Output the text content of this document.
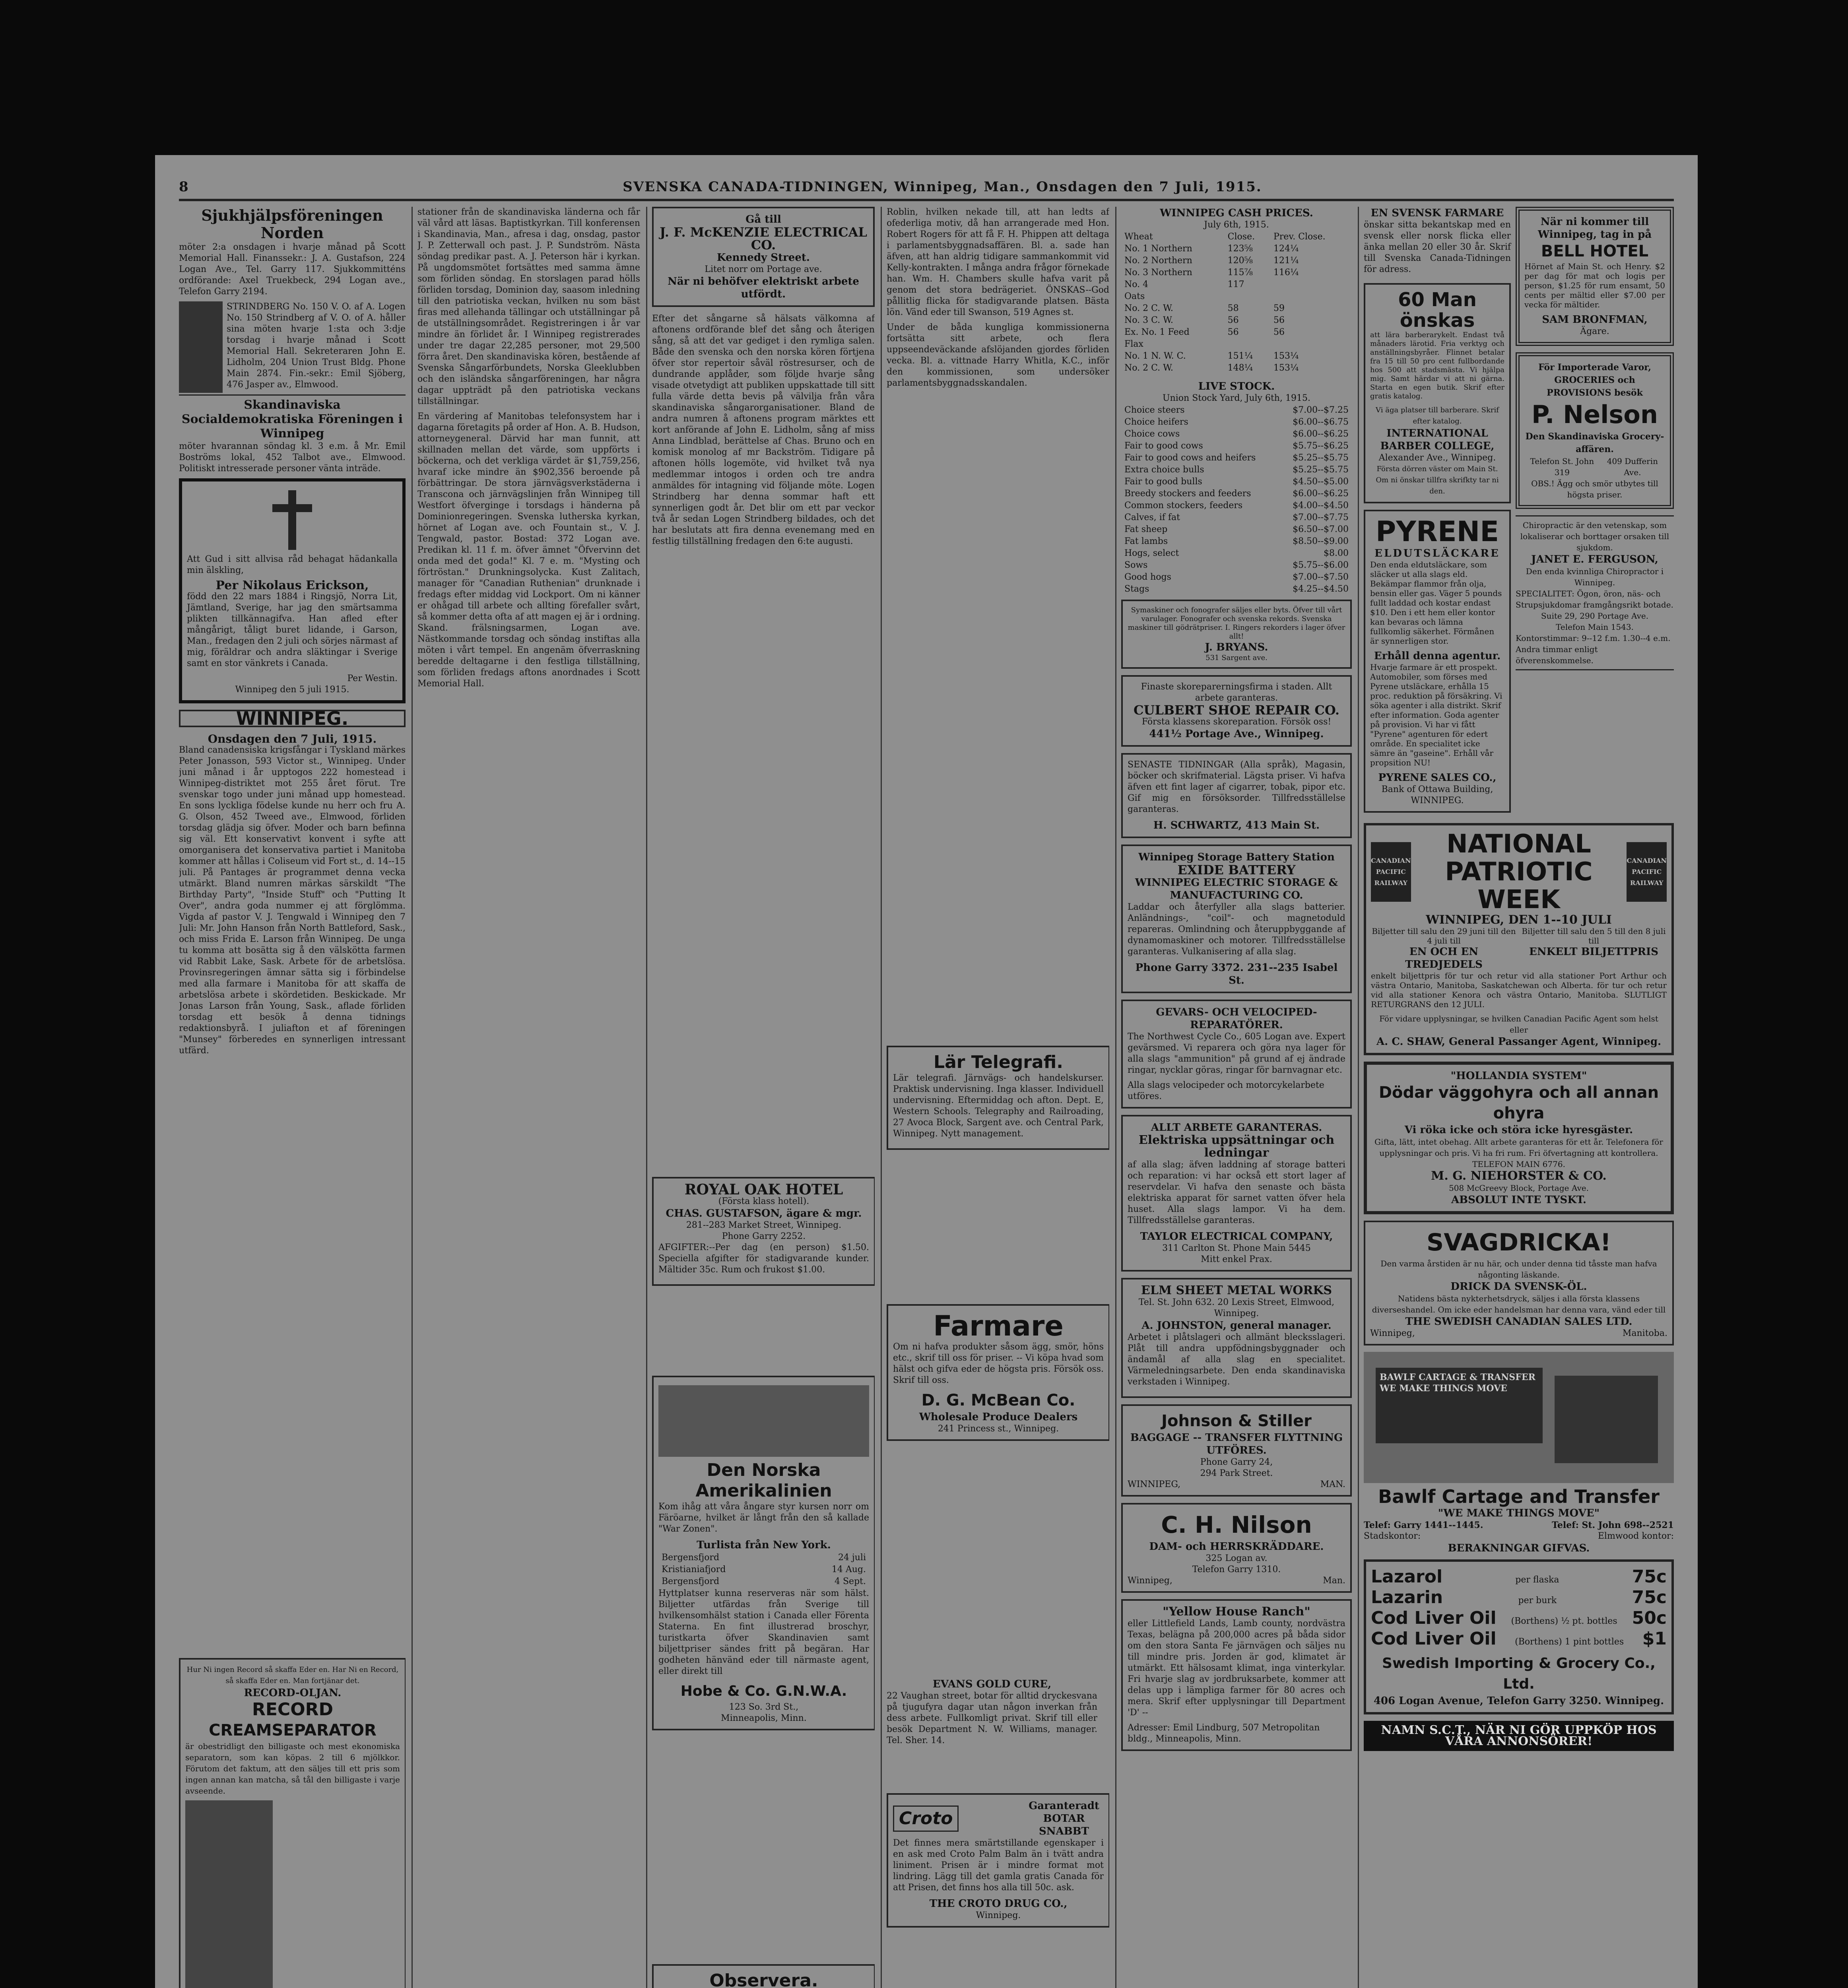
8	SVENSKA CANADA-TIDNINGEN, Winnipeg, Man., Onsdagen den 7 Juli, 1915.
Sjukhjälpsföreningen Norden

möter 2:a onsdagen i hvarje månad på Scott Memorial Hall. Finanssekr.: J. A. Gustafson, 224 Logan Ave., Tel. Garry 117. Sjukkommitténs ordförande: Axel Truekbeck, 294 Logan ave., Telefon Garry 2194.

STRINDBERG No. 150 V. O. af A. Logen No. 150 Strindberg af V. O. of A. håller sina möten hvarje 1:sta och 3:dje torsdag i hvarje månad i Scott Memorial Hall. Sekreteraren John E. Lidholm, 204 Union Trust Bldg. Phone Main 2874. Fin.-sekr.: Emil Sjöberg, 476 Jasper av., Elmwood.

Skandinaviska Socialdemokratiska Föreningen i Winnipeg

möter hvarannan söndag kl. 3 e.m. å Mr. Emil Boströms lokal, 452 Talbot ave., Elmwood. Politiskt intresserade personer vänta inträde.

Att Gud i sitt allvisa råd behagat hädankalla min älskling,

Per Nikolaus Erickson,

född den 22 mars 1884 i Ringsjö, Norra Lit, Jämtland, Sverige, har jag den smärtsamma plikten tillkännagifva. Han afled efter mångårigt, tåligt buret lidande, i Garson, Man., fredagen den 2 juli och sörjes närmast af mig, föräldrar och andra släktingar i Sverige samt en stor vänkrets i Canada.

Per Westin.
Winnipeg den 5 juli 1915.
WINNIPEG.
Onsdagen den 7 Juli, 1915.

Bland canadensiska krigsfångar i Tyskland märkes Peter Jonasson, 593 Victor st., Winnipeg. Under juni månad i år upptogos 222 homestead i Winnipeg-distriktet mot 255 året förut. Tre svenskar togo under juni månad upp homestead. En sons lyckliga födelse kunde nu herr och fru A. G. Olson, 452 Tweed ave., Elmwood, förliden torsdag glädja sig öfver. Moder och barn befinna sig väl. Ett konservativt konvent i syfte att omorganisera det konservativa partiet i Manitoba kommer att hållas i Coliseum vid Fort st., d. 14--15 juli. På Pantages är programmet denna vecka utmärkt. Bland numren märkas särskildt "The Birthday Party", "Inside Stuff" och "Putting It Over", andra goda nummer ej att förglömma. Vigda af pastor V. J. Tengwald i Winnipeg den 7 Juli: Mr. John Hanson från North Battleford, Sask., och miss Frida E. Larson från Winnipeg. De unga tu komma att bosätta sig å den välskötta farmen vid Rabbit Lake, Sask. Arbete för de arbetslösa. Provinsregeringen ämnar sätta sig i förbindelse med alla farmare i Manitoba för att skaffa de arbetslösa arbete i skördetiden. Beskickade. Mr Jonas Larson från Young, Sask., aflade förliden torsdag ett besök å denna tidnings redaktionsbyrå. I juliafton et af föreningen "Munsey" förberedes en synnerligen intressant utfärd.

Hur Ni ingen Record så skaffa Eder en. Har Ni en Record, så skaffa Eder en. Man fortjänar det.
RECORD-OLJAN.
RECORD
CREAMSEPARATOR

är obestridligt den billigaste och mest ekonomiska separatorn, som kan köpas. 2 till 6 mjölkkor. Förutom det faktum, att den säljes till ett pris som ingen annan kan matcha, så tål den billigaste i varje avseende.

stationer från de skandinaviska länderna och får väl vård att läsas. Baptistkyrkan. Till konferensen i Skandinavia, Man., afresa i dag, onsdag, pastor J. P. Zetterwall och past. J. P. Sundström. Nästa söndag predikar past. A. J. Peterson här i kyrkan. På ungdomsmötet fortsättes med samma ämne som förliden söndag. En storslagen parad hölls förliden torsdag, Dominion day, saasom inledning till den patriotiska veckan, hvilken nu som bäst firas med allehanda tällingar och utställningar på de utställningsområdet. Registreringen i år var mindre än förlidet år. I Winnipeg registrerades under tre dagar 22,285 personer, mot 29,500 förra året. Den skandinaviska kören, bestående af Svenska Sångarförbundets, Norska Gleeklubben och den isländska sångarföreningen, har några dagar uppträdt på den patriotiska veckans tillställningar.

En värdering af Manitobas telefonsystem har i dagarna företagits på order af Hon. A. B. Hudson, attorneygeneral. Därvid har man funnit, att skillnaden mellan det värde, som uppförts i böckerna, och det verkliga värdet är $1,759,256, hvaraf icke mindre än $902,356 beroende på förbättringar. De stora järnvägsverkstäderna i Transcona och järnvägslinjen från Winnipeg till Westfort öfverginge i torsdags i händerna på Dominionregeringen. Svenska lutherska kyrkan, hörnet af Logan ave. och Fountain st., V. J. Tengwald, pastor. Bostad: 372 Logan ave. Predikan kl. 11 f. m. öfver ämnet "Öfvervinn det onda med det goda!" Kl. 7 e. m. "Mysting och förtröstan." Drunkningsolycka. Kust Zalitach, manager för "Canadian Ruthenian" drunknade i fredags efter middag vid Lockport. Om ni känner er ohågad till arbete och allting förefaller svårt, så kommer detta ofta af att magen ej är i ordning. Skand. frälsningsarmen, Logan ave. Nästkommande torsdag och söndag instiftas alla möten i vårt tempel. En angenäm öfverraskning beredde deltagarne i den festliga tillställning, som förliden fredags aftons anordnades i Scott Memorial Hall.

Gå till
J. F. McKENZIE ELECTRICAL CO.
Kennedy Street.
Litet norr om Portage ave.
När ni behöfver elektriskt arbete utfördt.

Efter det sångarne så hälsats välkomna af aftonens ordförande blef det sång och återigen sång, så att det var gediget i den rymliga salen. Både den svenska och den norska kören förtjena öfver stor repertoir såväl röstresurser, och de dundrande applåder, som följde hvarje sång visade otvetydigt att publiken uppskattade till sitt fulla värde detta bevis på välvilja från våra skandinaviska sångarorganisationer. Bland de andra numren å aftonens program märktes ett kort anförande af John E. Lidholm, sång af miss Anna Lindblad, berättelse af Chas. Bruno och en komisk monolog af mr Backström. Tidigare på aftonen hölls logemöte, vid hvilket två nya medlemmar intogos i orden och tre andra anmäldes för intagning vid följande möte. Logen Strindberg har denna sommar haft ett synnerligen godt år. Det blir om ett par veckor två år sedan Logen Strindberg bildades, och det har beslutats att fira denna evenemang med en festlig tillställning fredagen den 6:te augusti.

ROYAL OAK HOTEL
(Första klass hotell).
CHAS. GUSTAFSON, ägare & mgr.
281--283 Market Street, Winnipeg.
Phone Garry 2252.

AFGIFTER:--Per dag (en person) $1.50. Speciella afgifter för stadigvarande kunder. Mältider 35c. Rum och frukost $1.00.

Den Norska Amerikalinien

Kom ihåg att våra ångare styr kursen norr om Färöarne, hvilket är långt från den så kallade "War Zonen".

Turlista från New York.
Bergensfjord	24 juli
Kristianiafjord	14 Aug.
Bergensfjord	4 Sept.

Hyttplatser kunna reserveras när som hälst. Biljetter utfärdas från Sverige till hvilkensomhälst station i Canada eller Förenta Staterna. En fint illustrerad broschyr, turistkarta öfver Skandinavien samt biljettpriser sändes fritt på begäran. Har godheten hänvänd eder till närmaste agent, eller direkt till

Hobe & Co. G.N.W.A.
123 So. 3rd St.,
Minneapolis, Minn.
Observera.

Roblin, hvilken nekade till, att han ledts af ofederliga motiv, då han arrangerade med Hon. Robert Rogers för att få F. H. Phippen att deltaga i parlamentsbyggnadsaffären. Bl. a. sade han äfven, att han aldrig tidigare sammankommit vid Kelly-kontrakten. I många andra frågor förnekade han. Wm. H. Chambers skulle hafva varit på genom det stora bedrägeriet. ÖNSKAS--God pållitlig flicka för stadigvarande platsen. Bästa lön. Vänd eder till Swanson, 519 Agnes st.

Under de båda kungliga kommissionerna fortsätta sitt arbete, och flera uppseendeväckande afslöjanden gjordes förliden vecka. Bl. a. vittnade Harry Whitla, K.C., inför den kommissionen, som undersöker parlamentsbyggnadsskandalen.

Lär Telegrafi.

Lär telegrafi. Järnvägs- och handelskurser. Praktisk undervisning. Inga klasser. Individuell undervisning. Eftermiddag och afton. Dept. E, Western Schools. Telegraphy and Railroading, 27 Avoca Block, Sargent ave. och Central Park, Winnipeg. Nytt management.

Farmare

Om ni hafva produkter såsom ägg, smör, höns etc., skrif till oss för priser. -- Vi köpa hvad som hälst och gifva eder de högsta pris. Försök oss. Skrif till oss.

D. G. McBean Co.
Wholesale Produce Dealers
241 Princess st., Winnipeg.
EVANS GOLD CURE,

22 Vaughan street, botar för alltid dryckesvana på tjugufyra dagar utan någon inverkan från dess arbete. Fullkomligt privat. Skrif till eller besök Department N. W. Williams, manager. Tel. Sher. 14.

Croto
Garanteradt BOTAR SNABBT

Det finnes mera smärtstillande egenskaper i en ask med Croto Palm Balm än i tvätt andra liniment. Prisen är i mindre format mot lindring. Lägg till det gamla gratis Canada för att Prisen, det finns hos alla till 50c. ask.

THE CROTO DRUG CO.,
Winnipeg.

WINNIPEG CASH PRICES.
July 6th, 1915.
Wheat	Close.	Prev. Close.
No. 1 Northern	123⅝	124¼
No. 2 Northern	120⅝	121¼
No. 3 Northern	115⅞	116¼
No. 4	117	
Oats		
No. 2 C. W.	58	59
No. 3 C. W.	56	56
Ex. No. 1 Feed	56	56
Flax		
No. 1 N. W. C.	151¼	153¼
No. 2 C. W.	148¼	153¼
LIVE STOCK.
Union Stock Yard, July 6th, 1915.
Choice steers	$7.00--$7.25
Choice heifers	$6.00--$6.75
Choice cows	$6.00--$6.25
Fair to good cows	$5.75--$6.25
Fair to good cows and heifers	$5.25--$5.75
Extra choice bulls	$5.25--$5.75
Fair to good bulls	$4.50--$5.00
Breedy stockers and feeders	$6.00--$6.25
Common stockers, feeders	$4.00--$4.50
Calves, if fat	$7.00--$7.75
Fat sheep	$6.50--$7.00
Fat lambs	$8.50--$9.00
Hogs, select	$8.00
Sows	$5.75--$6.00
Good hogs	$7.00--$7.50
Stags	$4.25--$4.50
Symaskiner och fonografer säljes eller byts. Öfver till vårt varulager. Fonografer och svenska rekords. Svenska maskiner till gödrätpriser. I. Ringers rekorders i lager öfver allt!
J. BRYANS.
531 Sargent ave.
Finaste skoreparerningsfirma i staden. Allt arbete garanteras.
CULBERT SHOE REPAIR CO.
Första klassens skoreparation. Försök oss!
441½ Portage Ave., Winnipeg.

SENASTE TIDNINGAR (Alla språk), Magasin, böcker och skrifmaterial. Lägsta priser. Vi hafva äfven ett fint lager af cigarrer, tobak, pipor etc. Gif mig en försöksorder. Tillfredsställelse garanteras.

H. SCHWARTZ, 413 Main St.
Winnipeg Storage Battery Station
EXIDE BATTERY
WINNIPEG ELECTRIC STORAGE & MANUFACTURING CO.

Laddar och återfyller alla slags batterier. Anländnings-, "coil"- och magnetoduld repareras. Omlindning och återuppbyggande af dynamomaskiner och motorer. Tillfredsställelse garanteras. Vulkanisering af alla slag.

Phone Garry 3372. 231--235 Isabel St.
GEVARS- OCH VELOCIPED-REPARATÖRER.

The Northwest Cycle Co., 605 Logan ave. Expert gevärsmed. Vi reparera och göra nya lager för alla slags "ammunition" på grund af ej ändrade ringar, nycklar göras, ringar för barnvagnar etc.

Alla slags velocipeder och motorcykelarbete utföres.
ALLT ARBETE GARANTERAS.
Elektriska uppsättningar och ledningar

af alla slag; äfven laddning af storage batteri och reparation: vi har också ett stort lager af reservdelar. Vi hafva den senaste och bästa elektriska apparat för sarnet vatten öfver hela huset. Alla slags lampor. Vi ha dem. Tillfredsställelse garanteras.

TAYLOR ELECTRICAL COMPANY,
311 Carlton St. Phone Main 5445
Mitt enkel Prax.
ELM SHEET METAL WORKS
Tel. St. John 632. 20 Lexis Street, Elmwood, Winnipeg.
A. JOHNSTON, general manager.

Arbetet i plåtslageri och allmänt blecksslageri. Plåt till andra uppfödningsbyggnader och ändamål af alla slag en specialitet. Värmeledningsarbete. Den enda skandinaviska verkstaden i Winnipeg.

Johnson & Stiller
BAGGAGE -- TRANSFER FLYTTNING UTFÖRES.
Phone Garry 24,
294 Park Street.
WINNIPEG,	MAN.
C. H. Nilson
DAM- och HERRSKRÄDDARE.
325 Logan av.
Telefon Garry 1310.
Winnipeg,	Man.
"Yellow House Ranch"

eller Littlefield Lands, Lamb county, nordvästra Texas, belägna på 200,000 acres på båda sidor om den stora Santa Fe järnvägen och säljes nu till mindre pris. Jorden är god, klimatet är utmärkt. Ett hälsosamt klimat, inga vinterkylar. Fri hvarje slag av jordbruksarbete, kommer att delas upp i lämpliga farmer för 80 acres och mera. Skrif efter upplysningar till Department 'D' --

Adresser: Emil Lindburg, 507 Metropolitan bldg., Minneapolis, Minn.
EN SVENSK FARMARE

önskar sitta bekantskap med en svensk eller norsk flicka eller änka mellan 20 eller 30 år. Skrif till Svenska Canada-Tidningen för adress.

60 Man önskas

att lära barberarykelt. Endast två månaders lärotid. Fria verktyg och anställningsbyråer. Flinnet betalar fra 15 till 50 pro cent fullbordande hos 500 att stadsmästa. Vi hjälpa mig. Samt härdar vi att ni gärna. Starta en egen butik. Skrif efter gratis katalog.

Vi äga platser till barberare. Skrif efter katalog.
INTERNATIONAL BARBER COLLEGE,
Alexander Ave., Winnipeg.
Första dörren väster om Main St.
Om ni önskar tillfra skrifkty tar ni den.
PYRENE
ELDUTSLÄCKARE

Den enda eldutsläckare, som släcker ut alla slags eld. Bekämpar flammor från olja, bensin eller gas. Väger 5 pounds fullt laddad och kostar endast $10. Den i ett hem eller kontor kan bevaras och lämna fullkomlig säkerhet. Förmånen är synnerligen stor.

Erhåll denna agentur.

Hvarje farmare är ett prospekt. Automobiler, som förses med Pyrene utsläckare, erhålla 15 proc. reduktion på försäkring. Vi söka agenter i alla distrikt. Skrif efter information. Goda agenter på provision. Vi har vi fått "Pyrene" agenturen för edert område. En specialitet icke sämre än "gaseine". Erhåll vår propsition NU!

PYRENE SALES CO.,
Bank of Ottawa Building,
WINNIPEG.
När ni kommer till Winnipeg, tag in på
BELL HOTEL

Hörnet af Main St. och Henry. $2 per dag för mat och logis per person, $1.25 för rum ensamt, 50 cents per mältid eller $7.00 per vecka för mältider.

SAM BRONFMAN,
Ägare.
För Importerade Varor, GROCERIES och PROVISIONS besök
P. Nelson
Den Skandinaviska Grocery-affären.
Telefon St. John 319
409 Dufferin Ave.
OBS.! Ägg och smör utbytes till högsta priser.
Chiropractic är den vetenskap, som lokaliserar och borttager orsaken till sjukdom.
JANET E. FERGUSON,
Den enda kvinnliga Chiropractor i Winnipeg.
SPECIALITET: Ögon, öron, näs- och Strupsjukdomar framgångsrikt botade.
Suite 29, 290 Portage Ave.
Telefon Main 1543.
Kontorstimmar: 9--12 f.m. 1.30--4 e.m.
Andra timmar enligt öfverenskommelse.
CANADIAN PACIFIC
RAILWAY
NATIONAL PATRIOTIC WEEK
CANADIAN PACIFIC
RAILWAY
WINNIPEG, DEN 1--10 JULI
Biljetter till salu den 29 juni till den 4 juli till
EN OCH EN TREDJEDELS
Biljetter till salu den 5 till den 8 juli till
ENKELT BILJETTPRIS

enkelt biljettpris för tur och retur vid alla stationer Port Arthur och västra Ontario, Manitoba, Saskatchewan och Alberta. för tur och retur vid alla stationer Kenora och västra Ontario, Manitoba. SLUTLIGT RETURGRANS den 12 JULI.

För vidare upplysningar, se hvilken Canadian Pacific Agent som helst eller
A. C. SHAW, General Passanger Agent, Winnipeg.
"HOLLANDIA SYSTEM"
Dödar väggohyra och all annan ohyra
Vi röka icke och störa icke hyresgäster.
Gifta, lätt, intet obehag. Allt arbete garanteras för ett år. Telefonera för upplysningar och pris. Vi ha fri rum. Fri öfvertagning att kontrollera.
TELEFON MAIN 6776.
M. G. NIEHORSTER & CO.
508 McGreevy Block, Portage Ave.
ABSOLUT INTE TYSKT.
SVAGDRICKA!
Den varma årstiden är nu här, och under denna tid tåsste man hafva någonting läskande.
DRICK DA SVENSK-ÖL.
Natidens bästa nykterhetsdryck, säljes i alla första klassens diverseshandel. Om icke eder handelsman har denna vara, vänd eder till
THE SWEDISH CANADIAN SALES LTD.
Winnipeg,	Manitoba.
BAWLF CARTAGE & TRANSFER
WE MAKE THINGS MOVE
Bawlf Cartage and Transfer
"WE MAKE THINGS MOVE"
Telef: Garry 1441--1445.	Telef: St. John 698--2521
Stadskontor:	Elmwood kontor:
BERAKNINGAR GIFVAS.
Lazarol	per flaska	75c
Lazarin	per burk	75c
Cod Liver Oil (Borthens) ½ pt. bottles 50c
Cod Liver Oil (Borthens) 1 pint bottles $1
Swedish Importing & Grocery Co., Ltd.
406 Logan Avenue, Telefon Garry 3250. Winnipeg.
NAMN S.C.T., NÄR NI GÖR UPPKÖP HOS VÅRA ANNONSÖRER!
